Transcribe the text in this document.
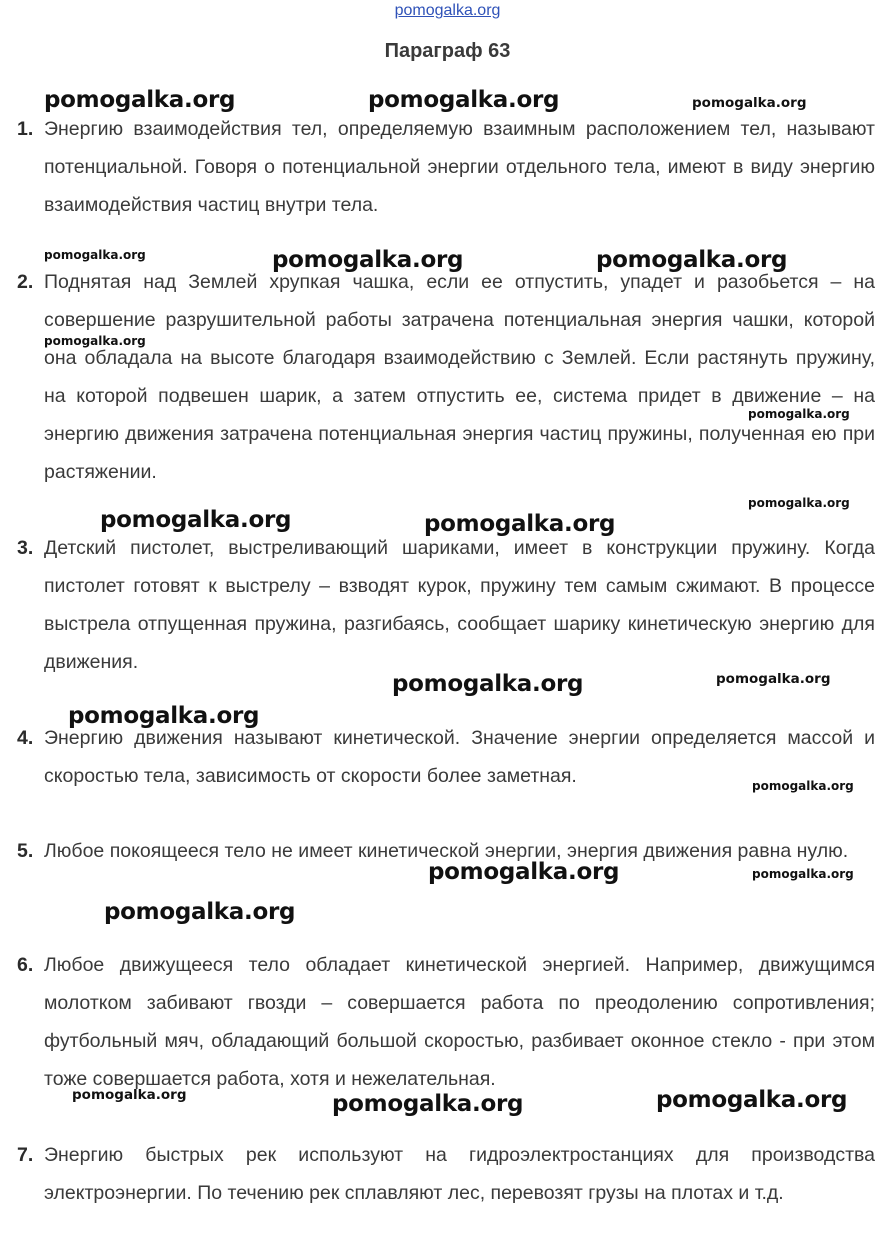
pomogalka.org
Параграф 63

1. Энергию взаимодействия тел, определяемую взаимным расположением тел, называют потенциальной. Говоря о потенциальной энергии отдельного тела, имеют в виду энергию взаимодействия частиц внутри тела.

2. Поднятая над Землей хрупкая чашка, если ее отпустить, упадет и разобьется – на совершение разрушительной работы затрачена потенциальная энергия чашки, которой она обладала на высоте благодаря взаимодействию с Землей. Если растянуть пружину, на которой подвешен шарик, а затем отпустить ее, система придет в движение – на энергию движения затрачена потенциальная энергия частиц пружины, полученная ею при растяжении.

3. Детский пистолет, выстреливающий шариками, имеет в конструкции пружину. Когда пистолет готовят к выстрелу – взводят курок, пружину тем самым сжимают. В процессе выстрела отпущенная пружина, разгибаясь, сообщает шарику кинетическую энергию для движения.

4. Энергию движения называют кинетической. Значение энергии определяется массой и скоростью тела, зависимость от скорости более заметная.

5. Любое покоящееся тело не имеет кинетической энергии, энергия движения равна нулю.

6. Любое движущееся тело обладает кинетической энергией. Например, движущимся молотком забивают гвозди – совершается работа по преодолению сопротивления; футбольный мяч, обладающий большой скоростью, разбивает оконное стекло - при этом тоже совершается работа, хотя и нежелательная.

7. Энергию быстрых рек используют на гидроэлектростанциях для производства электроэнергии. По течению рек сплавляют лес, перевозят грузы на плотах и т.д.

pomogalka.org	pomogalka.org	pomogalka.org
pomogalka.org	pomogalka.org	pomogalka.org
pomogalka.org
pomogalka.org
pomogalka.org
pomogalka.org	pomogalka.org
pomogalka.org	pomogalka.org
pomogalka.org
pomogalka.org
pomogalka.org	pomogalka.org
pomogalka.org
pomogalka.org	pomogalka.org	pomogalka.org
